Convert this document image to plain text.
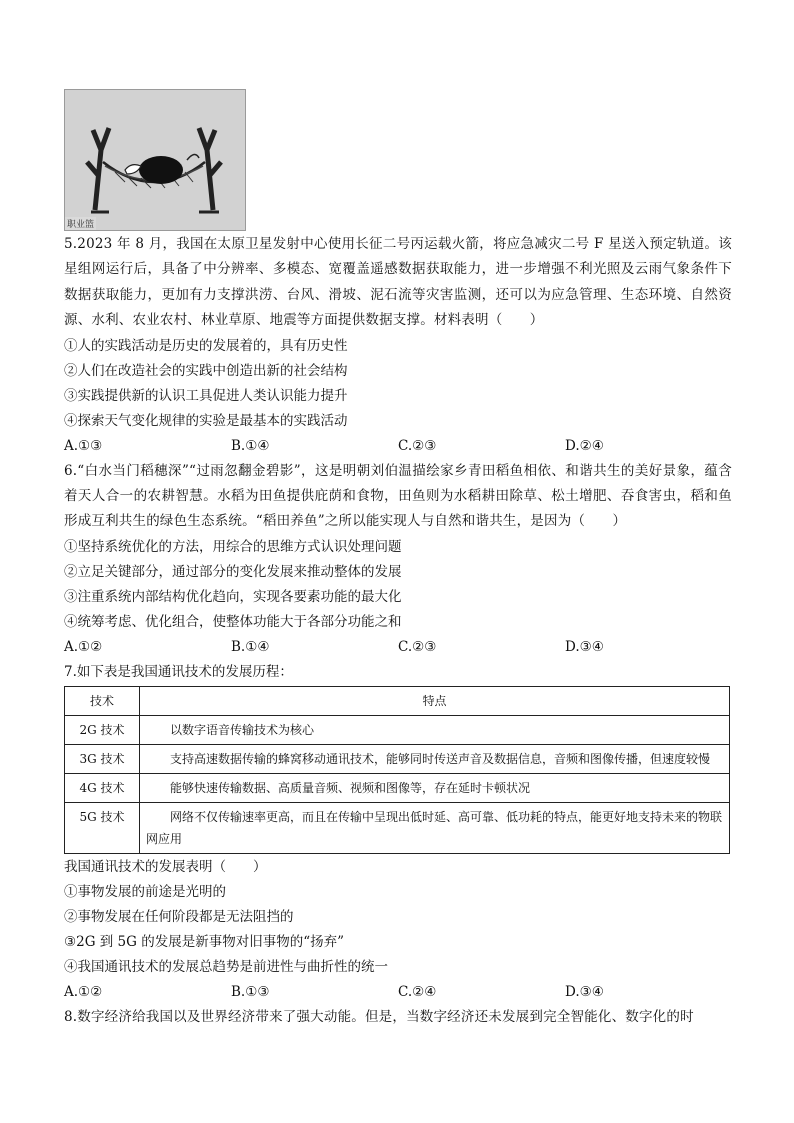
职业篮

5.2023 年 8 月，我国在太原卫星发射中心使用长征二号丙运载火箭，将应急减灾二号 F 星送入预定轨道。该星组网运行后，具备了中分辨率、多模态、宽覆盖遥感数据获取能力，进一步增强不利光照及云雨气象条件下数据获取能力，更加有力支撑洪涝、台风、滑坡、泥石流等灾害监测，还可以为应急管理、生态环境、自然资源、水利、农业农村、林业草原、地震等方面提供数据支撑。材料表明（　　）

①人的实践活动是历史的发展着的，具有历史性

②人们在改造社会的实践中创造出新的社会结构

③实践提供新的认识工具促进人类认识能力提升

④探索天气变化规律的实验是最基本的实践活动

A.①③	B.①④	C.②③	D.②④

6.“白水当门稻穗深”“过雨忽翻金碧影”，这是明朝刘伯温描绘家乡青田稻鱼相依、和谐共生的美好景象，蕴含着天人合一的农耕智慧。水稻为田鱼提供庇荫和食物，田鱼则为水稻耕田除草、松土增肥、吞食害虫，稻和鱼形成互利共生的绿色生态系统。“稻田养鱼”之所以能实现人与自然和谐共生，是因为（　　）

①坚持系统优化的方法，用综合的思维方式认识处理问题

②立足关键部分，通过部分的变化发展来推动整体的发展

③注重系统内部结构优化趋向，实现各要素功能的最大化

④统筹考虑、优化组合，使整体功能大于各部分功能之和

A.①②	B.①④	C.②③	D.③④

7.如下表是我国通讯技术的发展历程：

技术	特点
2G 技术	以数字语音传输技术为核心
3G 技术	支持高速数据传输的蜂窝移动通讯技术，能够同时传送声音及数据信息，音频和图像传播，但速度较慢
4G 技术	能够快速传输数据、高质量音频、视频和图像等，存在延时卡顿状况
5G 技术	网络不仅传输速率更高，而且在传输中呈现出低时延、高可靠、低功耗的特点，能更好地支持未来的物联网应用

我国通讯技术的发展表明（　　）

①事物发展的前途是光明的

②事物发展在任何阶段都是无法阻挡的

③2G 到 5G 的发展是新事物对旧事物的“扬弃”

④我国通讯技术的发展总趋势是前进性与曲折性的统一

A.①②	B.①③	C.②④	D.③④

8.数字经济给我国以及世界经济带来了强大动能。但是，当数字经济还未发展到完全智能化、数字化的时
